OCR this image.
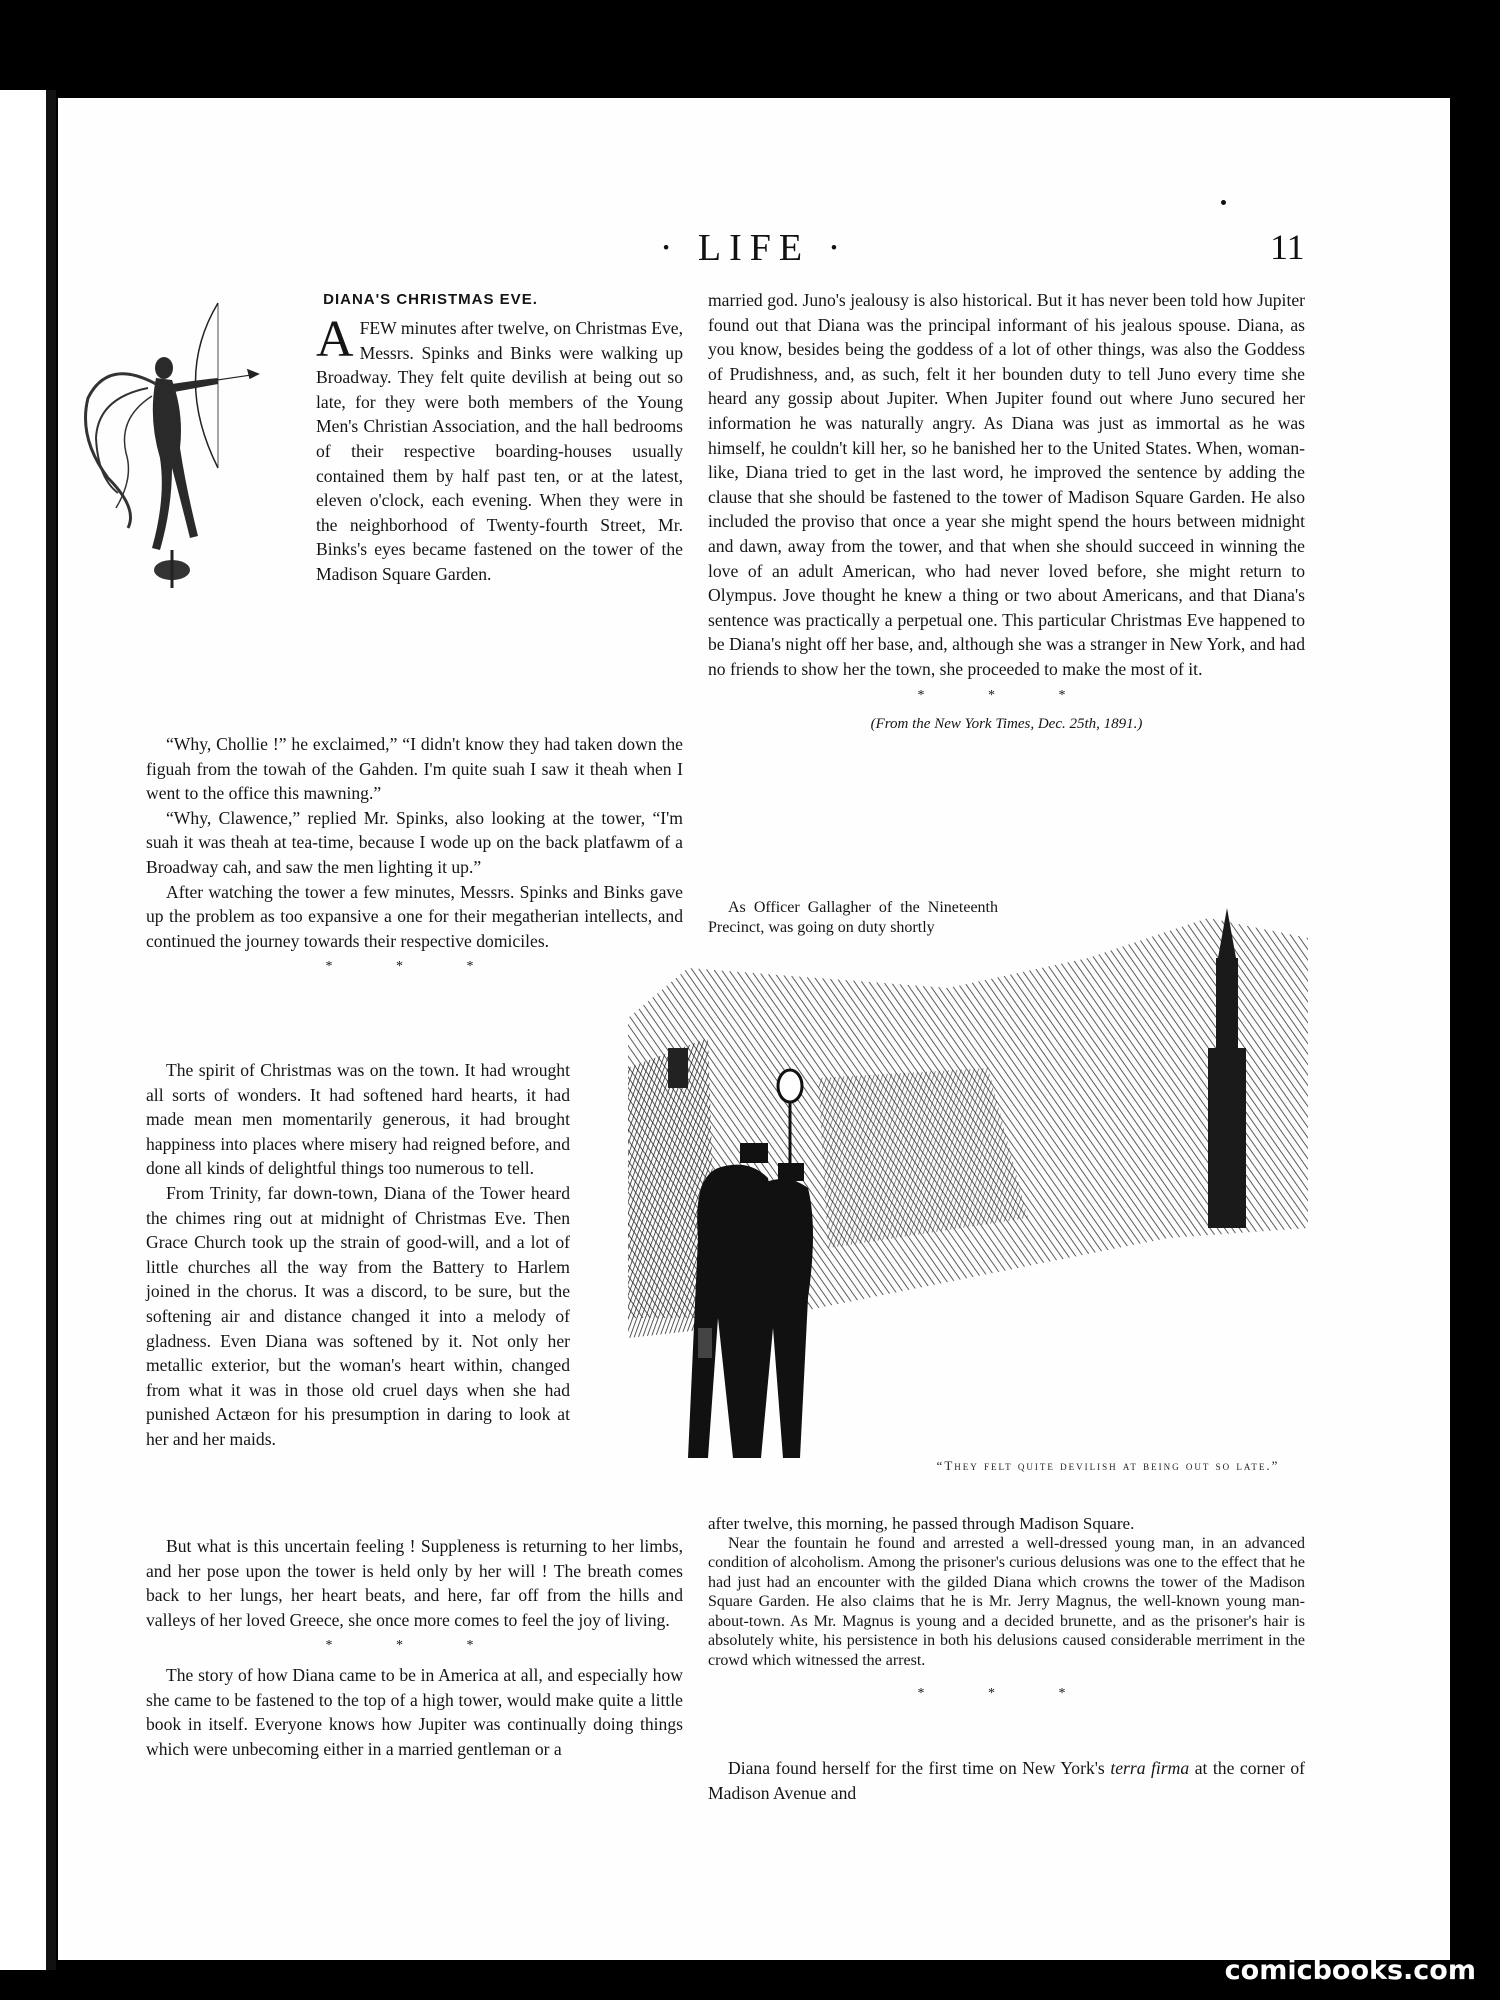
· LIFE ·	11
DIANA'S CHRISTMAS EVE.

AFEW minutes after twelve, on Christmas Eve, Messrs. Spinks and Binks were walking up Broadway. They felt quite devilish at being out so late, for they were both members of the Young Men's Christian Association, and the hall bedrooms of their respective boarding-houses usually contained them by half past ten, or at the latest, eleven o'clock, each evening. When they were in the neighborhood of Twenty-fourth Street, Mr. Binks's eyes became fastened on the tower of the Madison Square Garden.

“Why, Chollie !” he exclaimed,” “I didn't know they had taken down the figuah from the towah of the Gahden. I'm quite suah I saw it theah when I went to the office this mawning.”

“Why, Clawence,” replied Mr. Spinks, also looking at the tower, “I'm suah it was theah at tea-time, because I wode up on the back platfawm of a Broadway cah, and saw the men lighting it up.”

After watching the tower a few minutes, Messrs. Spinks and Binks gave up the problem as too expansive a one for their megatherian intellects, and continued the journey towards their respective domiciles.

* * *

The spirit of Christmas was on the town. It had wrought all sorts of wonders. It had softened hard hearts, it had made mean men momentarily generous, it had brought happiness into places where misery had reigned before, and done all kinds of delightful things too numerous to tell.

From Trinity, far down-town, Diana of the Tower heard the chimes ring out at midnight of Christmas Eve. Then Grace Church took up the strain of good-will, and a lot of little churches all the way from the Battery to Harlem joined in the chorus. It was a discord, to be sure, but the softening air and distance changed it into a melody of gladness. Even Diana was softened by it. Not only her metallic exterior, but the woman's heart within, changed from what it was in those old cruel days when she had punished Actæon for his presumption in daring to look at her and her maids.

But what is this uncertain feeling ! Suppleness is returning to her limbs, and her pose upon the tower is held only by her will ! The breath comes back to her lungs, her heart beats, and here, far off from the hills and valleys of her loved Greece, she once more comes to feel the joy of living.

* * *

The story of how Diana came to be in America at all, and especially how she came to be fastened to the top of a high tower, would make quite a little book in itself. Everyone knows how Jupiter was continually doing things which were unbecoming either in a married gentleman or a

married god. Juno's jealousy is also historical. But it has never been told how Jupiter found out that Diana was the principal informant of his jealous spouse. Diana, as you know, besides being the goddess of a lot of other things, was also the Goddess of Prudishness, and, as such, felt it her bounden duty to tell Juno every time she heard any gossip about Jupiter. When Jupiter found out where Juno secured her information he was naturally angry. As Diana was just as immortal as he was himself, he couldn't kill her, so he banished her to the United States. When, woman-like, Diana tried to get in the last word, he improved the sentence by adding the clause that she should be fastened to the tower of Madison Square Garden. He also included the proviso that once a year she might spend the hours between midnight and dawn, away from the tower, and that when she should succeed in winning the love of an adult American, who had never loved before, she might return to Olympus. Jove thought he knew a thing or two about Americans, and that Diana's sentence was practically a perpetual one. This particular Christmas Eve happened to be Diana's night off her base, and, although she was a stranger in New York, and had no friends to show her the town, she proceeded to make the most of it.

* * *
(From the New York Times, Dec. 25th, 1891.)

As Officer Gallagher of the Nineteenth Precinct, was going on duty shortly

“They felt quite devilish at being out so late.”

after twelve, this morning, he passed through Madison Square.

Near the fountain he found and arrested a well-dressed young man, in an advanced condition of alcoholism. Among the prisoner's curious delusions was one to the effect that he had just had an encounter with the gilded Diana which crowns the tower of the Madison Square Garden. He also claims that he is Mr. Jerry Magnus, the well-known young man-about-town. As Mr. Magnus is young and a decided brunette, and as the prisoner's hair is absolutely white, his persistence in both his delusions caused considerable merriment in the crowd which witnessed the arrest.

* * *

Diana found herself for the first time on New York's terra firma at the corner of Madison Avenue and

comicbooks.com
